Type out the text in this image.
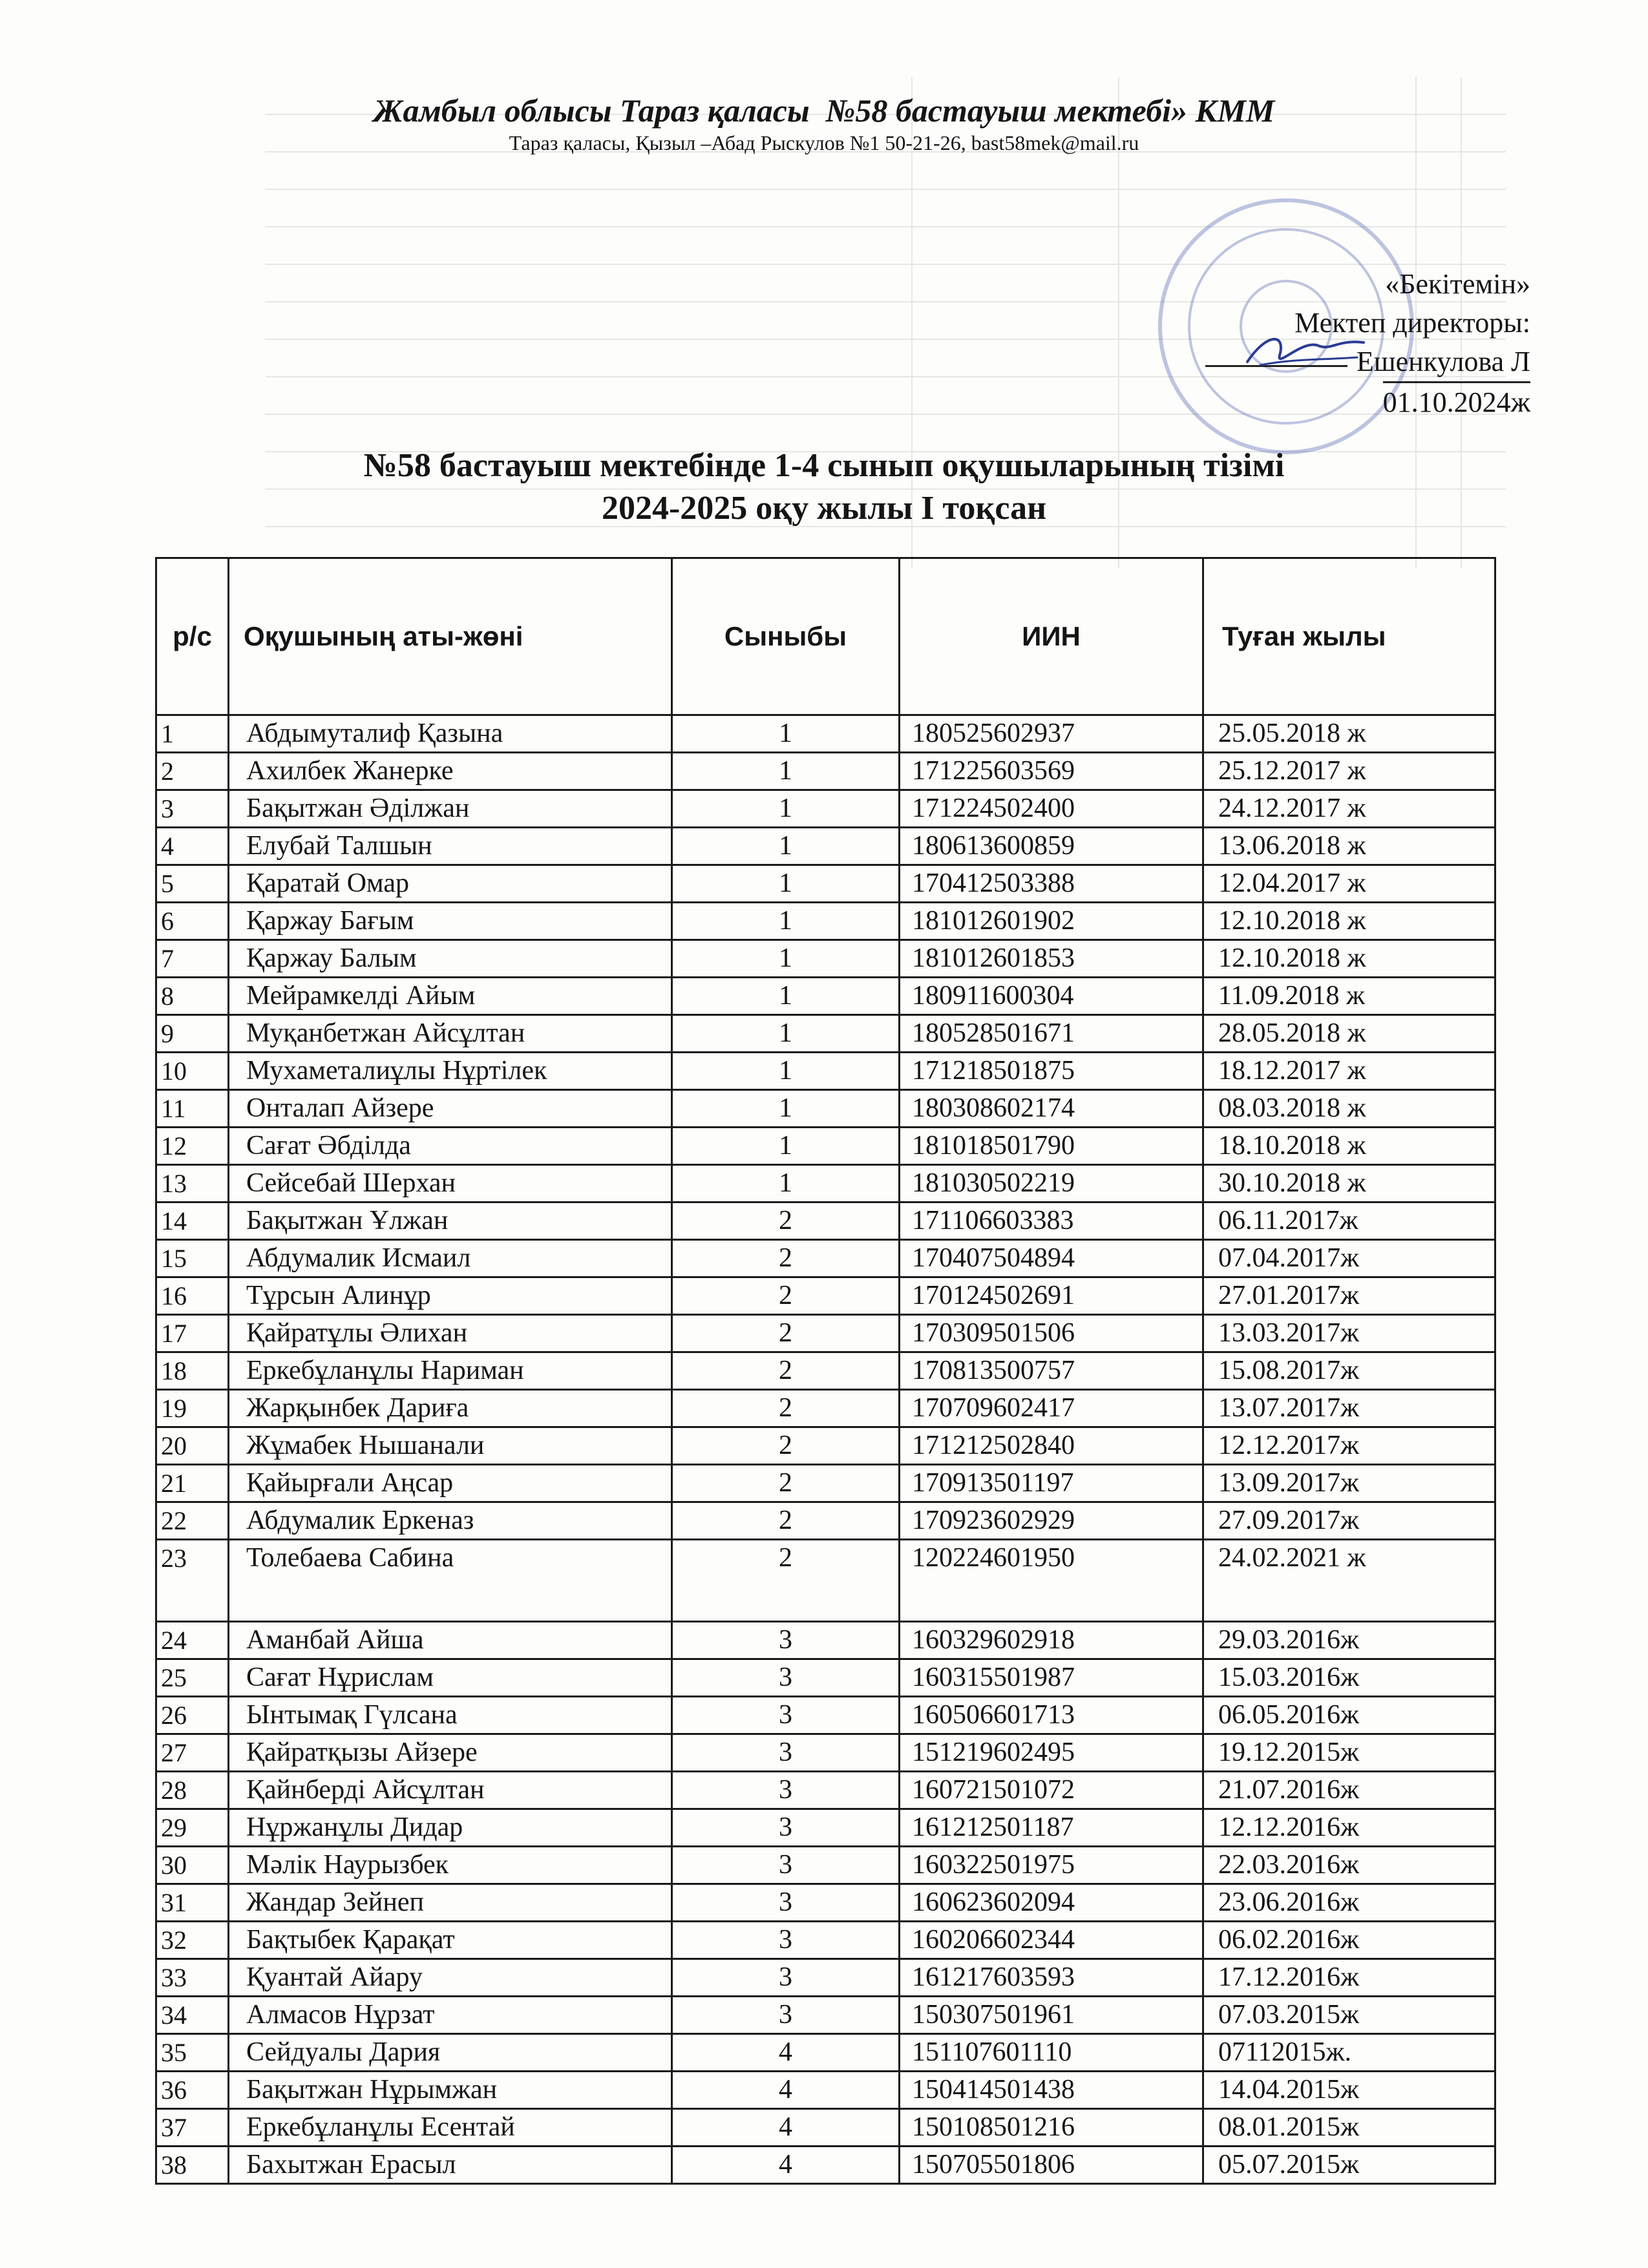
Жамбыл облысы Тараз қаласы  №58 бастауыш мектебі» КММ
Тараз қаласы, Қызыл –Абад Рыскулов №1 50-21-26, bast58mek@mail.ru
«Бекітемін»
Мектеп директоры:
Ешенкулова Л
01.10.2024ж
№58 бастауыш мектебінде 1-4 сынып оқушыларының тізімі
2024-2025 оқу жылы I тоқсан
р/с	Оқушының аты-жөні	Сыныбы	ИИН	Туған жылы
1	Абдымуталиф Қазына	1	180525602937	25.05.2018 ж
2	Ахилбек Жанерке	1	171225603569	25.12.2017 ж
3	Бақытжан Әділжан	1	171224502400	24.12.2017 ж
4	Елубай Талшын	1	180613600859	13.06.2018 ж
5	Қаратай Омар	1	170412503388	12.04.2017 ж
6	Қаржау Бағым	1	181012601902	12.10.2018 ж
7	Қаржау Балым	1	181012601853	12.10.2018 ж
8	Мейрамкелді Айым	1	180911600304	11.09.2018 ж
9	Муқанбетжан Айсұлтан	1	180528501671	28.05.2018 ж
10	Мухаметалиұлы Нұртілек	1	171218501875	18.12.2017 ж
11	Онталап Айзере	1	180308602174	08.03.2018 ж
12	Сағат Әбділда	1	181018501790	18.10.2018 ж
13	Сейсебай Шерхан	1	181030502219	30.10.2018 ж
14	Бақытжан Ұлжан	2	171106603383	06.11.2017ж
15	Абдумалик Исмаил	2	170407504894	07.04.2017ж
16	Тұрсын Алинұр	2	170124502691	27.01.2017ж
17	Қайратұлы Әлихан	2	170309501506	13.03.2017ж
18	Еркебұланұлы Нариман	2	170813500757	15.08.2017ж
19	Жарқынбек Дариға	2	170709602417	13.07.2017ж
20	Жұмабек Нышанали	2	171212502840	12.12.2017ж
21	Қайырғали Аңсар	2	170913501197	13.09.2017ж
22	Абдумалик Еркеназ	2	170923602929	27.09.2017ж
23	Толебаева Сабина	2	120224601950	24.02.2021 ж
24	Аманбай Айша	3	160329602918	29.03.2016ж
25	Сағат Нұрислам	3	160315501987	15.03.2016ж
26	Ынтымақ Гүлсана	3	160506601713	06.05.2016ж
27	Қайратқызы Айзере	3	151219602495	19.12.2015ж
28	Қайнберді Айсұлтан	3	160721501072	21.07.2016ж
29	Нұржанұлы Дидар	3	161212501187	12.12.2016ж
30	Мәлік Наурызбек	3	160322501975	22.03.2016ж
31	Жандар Зейнеп	3	160623602094	23.06.2016ж
32	Бақтыбек Қарақат	3	160206602344	06.02.2016ж
33	Қуантай Айару	3	161217603593	17.12.2016ж
34	Алмасов Нұрзат	3	150307501961	07.03.2015ж
35	Сейдуалы Дария	4	151107601110	07112015ж.
36	Бақытжан Нұрымжан	4	150414501438	14.04.2015ж
37	Еркебұланұлы Есентай	4	150108501216	08.01.2015ж
38	Бахытжан Ерасыл	4	150705501806	05.07.2015ж
